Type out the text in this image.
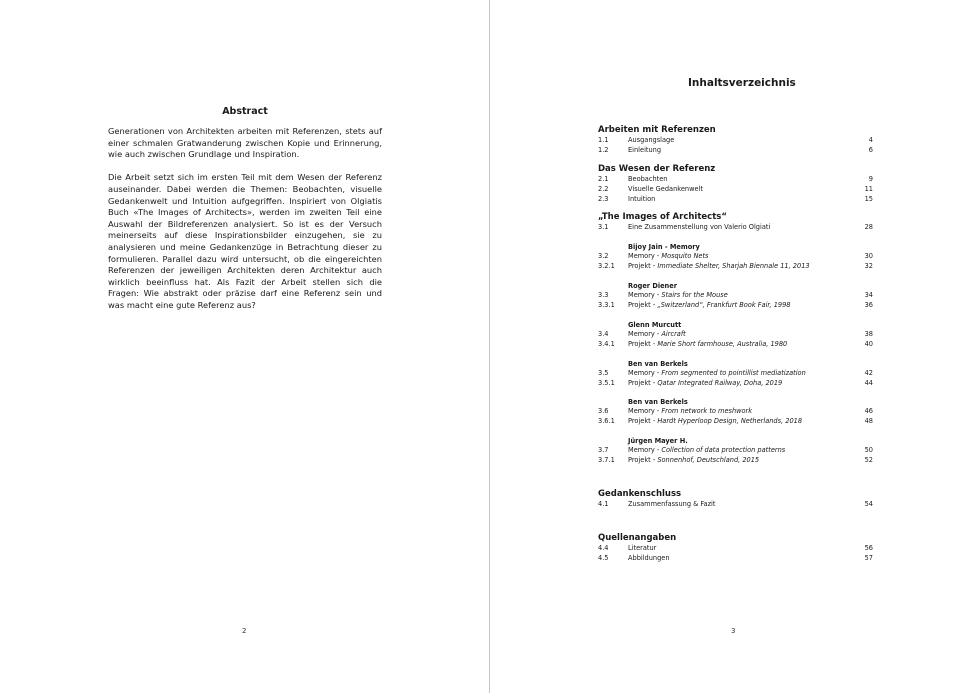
Abstract

Generationen von Architekten arbeiten mit Referenzen, stets auf einer schmalen Gratwanderung zwischen Kopie und Erinnerung, wie auch zwischen Grundlage und Inspiration.

Die Arbeit setzt sich im ersten Teil mit dem Wesen der Referenz auseinander. Dabei werden die Themen: Beobachten, visuelle Gedankenwelt und Intuition aufgegriffen. Inspiriert von Olgiatis Buch «The Images of Architects», werden im zweiten Teil eine Auswahl der Bildreferenzen analysiert. So ist es der Versuch meinerseits auf diese Inspirationsbilder einzugehen, sie zu analysieren und meine Gedankenzüge in Betrachtung dieser zu formulieren. Parallel dazu wird untersucht, ob die eingereichten Referenzen der jeweiligen Architekten deren Architektur auch wirklich beeinfluss hat. Als Fazit der Arbeit stellen sich die Fragen: Wie abstrakt oder präzise darf eine Referenz sein und was macht eine gute Referenz aus?

2
Inhaltsverzeichnis
Arbeiten mit Referenzen
1.1	Ausgangslage	4
1.2	Einleitung	6
Das Wesen der Referenz
2.1	Beobachten	9
2.2	Visuelle Gedankenwelt	11
2.3	Intuition	15
„The Images of Architects“
3.1	Eine Zusammenstellung von Valerio Olgiati	28
Bijoy Jain - Memory
3.2	Memory - Mosquito Nets	30
3.2.1	Projekt - Immediate Shelter, Sharjah Biennale 11, 2013	32
Roger Diener
3.3	Memory - Stairs for the Mouse	34
3.3.1	Projekt - „Switzerland“, Frankfurt Book Fair, 1998	36
Glenn Murcutt
3.4	Memory - Aircraft	38
3.4.1	Projekt - Marie Short farmhouse, Australia, 1980	40
Ben van Berkels
3.5	Memory - From segmented to pointillist mediatization	42
3.5.1	Projekt - Qatar Integrated Railway, Doha, 2019	44
Ben van Berkels
3.6	Memory - From network to meshwork	46
3.6.1	Projekt - Hardt Hyperloop Design, Netherlands, 2018	48
Jürgen Mayer H.
3.7	Memory - Collection of data protection patterns	50
3.7.1	Projekt - Sonnenhof, Deutschland, 2015	52
Gedankenschluss
4.1	Zusammenfassung & Fazit	54
Quellenangaben
4.4	Literatur	56
4.5	Abbildungen	57
3
